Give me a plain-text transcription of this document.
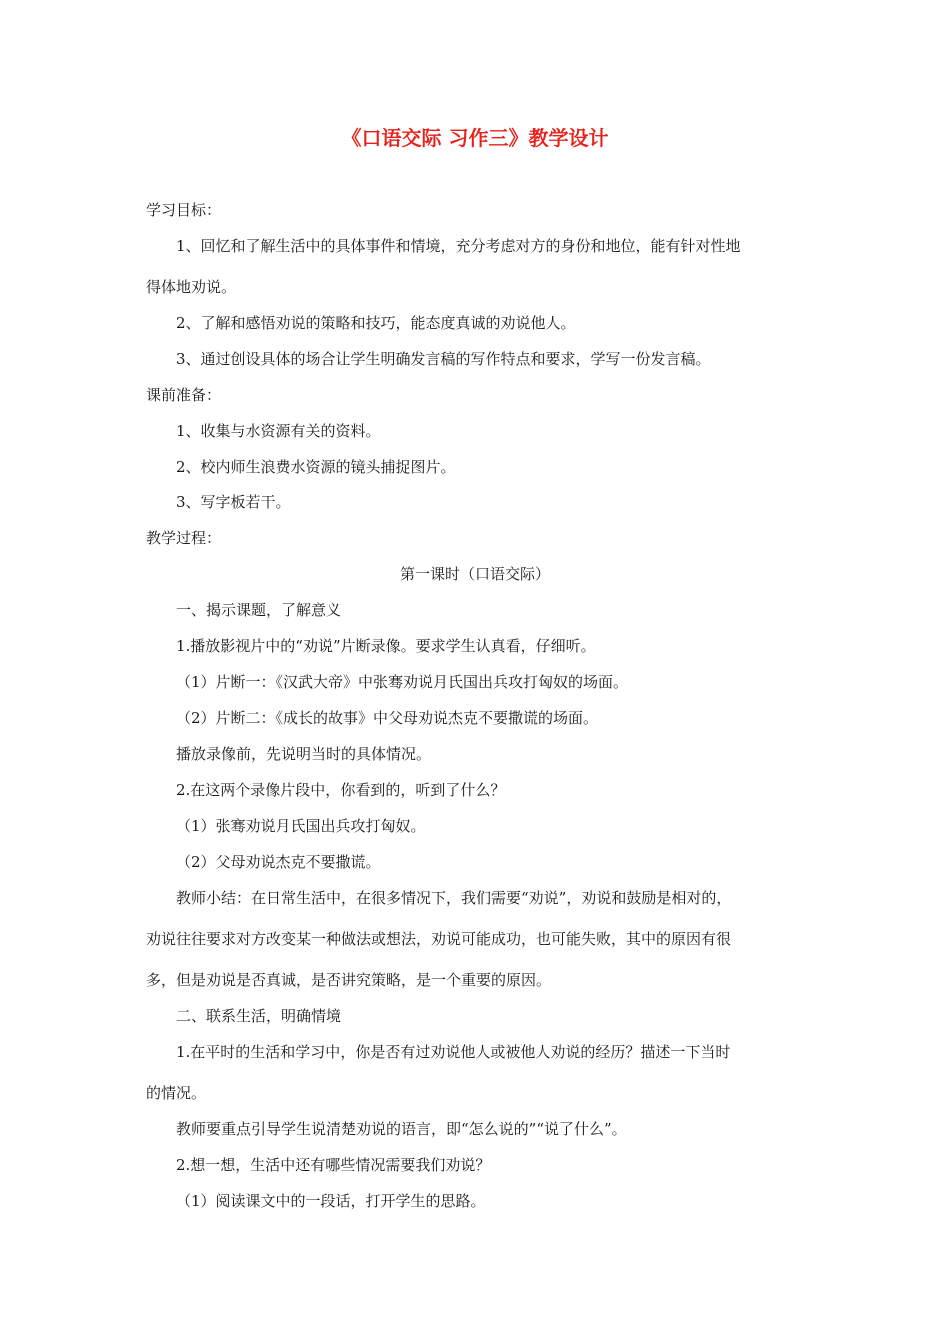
《口语交际 习作三》教学设计
学习目标：
1、回忆和了解生活中的具体事件和情境，充分考虑对方的身份和地位，能有针对性地
得体地劝说。
2、了解和感悟劝说的策略和技巧，能态度真诚的劝说他人。
3、通过创设具体的场合让学生明确发言稿的写作特点和要求，学写一份发言稿。
课前准备：
1、收集与水资源有关的资料。
2、校内师生浪费水资源的镜头捕捉图片。
3、写字板若干。
教学过程：
第一课时（口语交际）
一、揭示课题，了解意义
1.播放影视片中的“劝说”片断录像。要求学生认真看，仔细听。
（1）片断一：《汉武大帝》中张骞劝说月氏国出兵攻打匈奴的场面。
（2）片断二：《成长的故事》中父母劝说杰克不要撒谎的场面。
播放录像前，先说明当时的具体情况。
2.在这两个录像片段中，你看到的，听到了什么？
（1）张骞劝说月氏国出兵攻打匈奴。
（2）父母劝说杰克不要撒谎。
教师小结：在日常生活中，在很多情况下，我们需要“劝说”，劝说和鼓励是相对的，
劝说往往要求对方改变某一种做法或想法，劝说可能成功，也可能失败，其中的原因有很
多，但是劝说是否真诚，是否讲究策略，是一个重要的原因。
二、联系生活，明确情境
1.在平时的生活和学习中，你是否有过劝说他人或被他人劝说的经历？描述一下当时
的情况。
教师要重点引导学生说清楚劝说的语言，即“怎么说的”“说了什么”。
2.想一想，生活中还有哪些情况需要我们劝说？
（1）阅读课文中的一段话，打开学生的思路。
